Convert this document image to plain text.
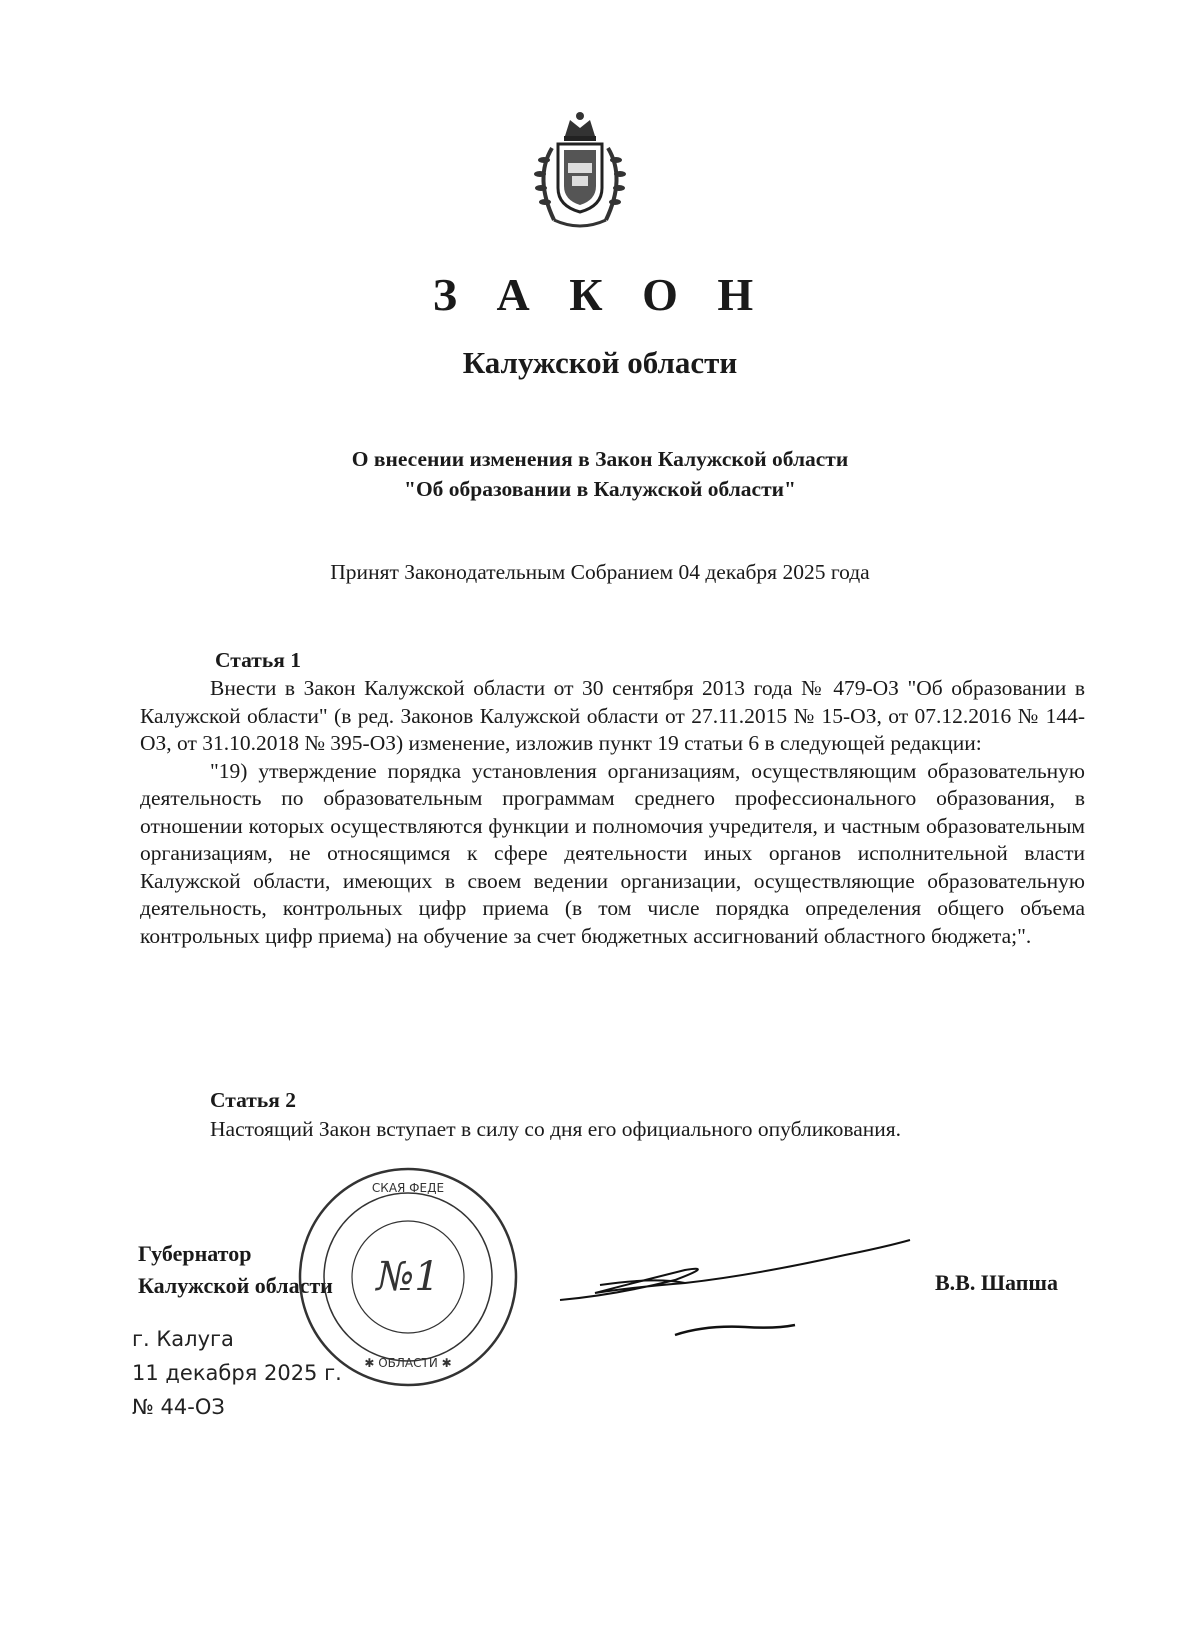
З А К О Н
Калужской области
О внесении изменения в Закон Калужской области
"Об образовании в Калужской области"
Принят Законодательным Собранием 04 декабря 2025 года
Статья 1

Внести в Закон Калужской области от 30 сентября 2013 года № 479-ОЗ "Об образовании в Калужской области" (в ред. Законов Калужской области от 27.11.2015 № 15-ОЗ, от 07.12.2016 № 144-ОЗ, от 31.10.2018 № 395-ОЗ) изменение, изложив пункт 19 статьи 6 в следующей редакции:

"19) утверждение порядка установления организациям, осуществляющим образовательную деятельность по образовательным программам среднего профессионального образования, в отношении которых осуществляются функции и полномочия учредителя, и частным образовательным организациям, не относящимся к сфере деятельности иных органов исполнительной власти Калужской области, имеющих в своем ведении организации, осуществляющие образовательную деятельность, контрольных цифр приема (в том числе порядка определения общего объема контрольных цифр приема) на обучение за счет бюджетных ассигнований областного бюджета;".

Статья 2

Настоящий Закон вступает в силу со дня его официального опубликования.

Губернатор
Калужской области	В.В. Шапша
№1
СКАЯ ФЕДЕ
✱ ОБЛАСТИ ✱
г. Калуга
11 декабря 2025 г.
№ 44-ОЗ
